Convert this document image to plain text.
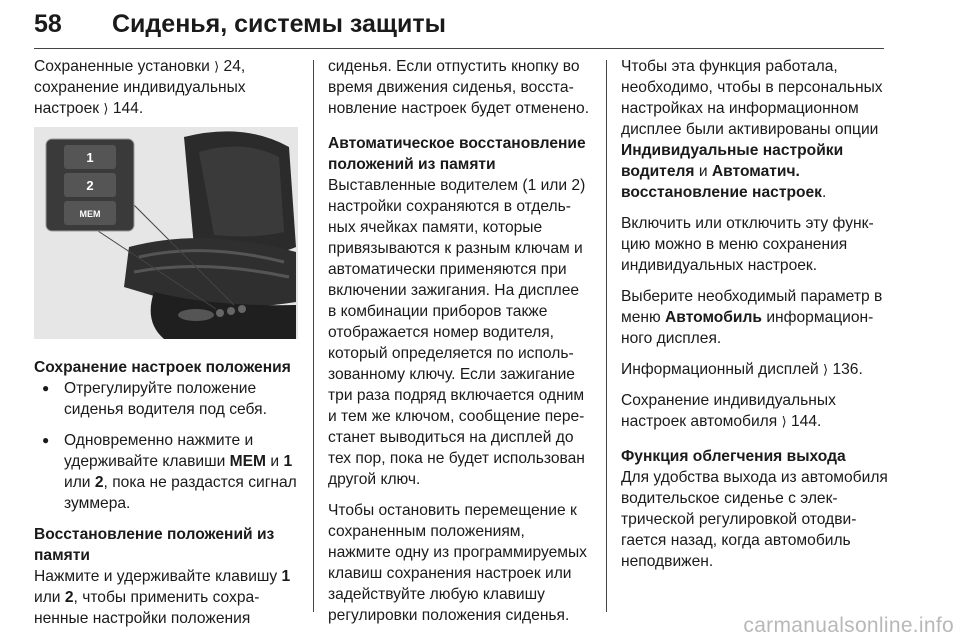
58 Сиденья, системы защиты

Сохраненные установки ⟩ 24,
сохранение индивидуальных настроек ⟩ 144.

1
2
MEM
Сохранение настроек положения
● Отрегулируйте положение сиденья водителя под себя.
● Одновременно нажмите и удерживайте клавиши MEM и 1 или 2, пока не раздастся сигнал зуммера.
Восстановление положений из памяти

Нажмите и удерживайте клавишу 1 или 2, чтобы применить сохраненные настройки положения

сиденья. Если отпустить кнопку во время движения сиденья, восстановление настроек будет отменено.

Автоматическое восстановление положений из памяти

Выставленные водителем (1 или 2) настройки сохраняются в отдельных ячейках памяти, которые привязываются к разным ключам и автоматически применяются при включении зажигания. На дисплее в комбинации приборов также отображается номер водителя, который определяется по использованному ключу. Если зажигание три раза подряд включается одним и тем же ключом, сообщение перестанет выводиться на дисплей до тех пор, пока не будет использован другой ключ.

Чтобы остановить перемещение к сохраненным положениям, нажмите одну из программируемых клавиш сохранения настроек или задействуйте любую клавишу регулировки положения сиденья.

Чтобы эта функция работала, необходимо, чтобы в персональных настройках на информационном дисплее были активированы опции Индивидуальные настройки водителя и Автоматич. восстановление настроек.

Включить или отключить эту функцию можно в меню сохранения индивидуальных настроек.

Выберите необходимый параметр в меню Автомобиль информационного дисплея.

Информационный дисплей ⟩ 136.

Сохранение индивидуальных настроек автомобиля ⟩ 144.

Функция облегчения выхода

Для удобства выхода из автомобиля водительское сиденье с электрической регулировкой отодвигается назад, когда автомобиль неподвижен.

carmanualsonline.info
